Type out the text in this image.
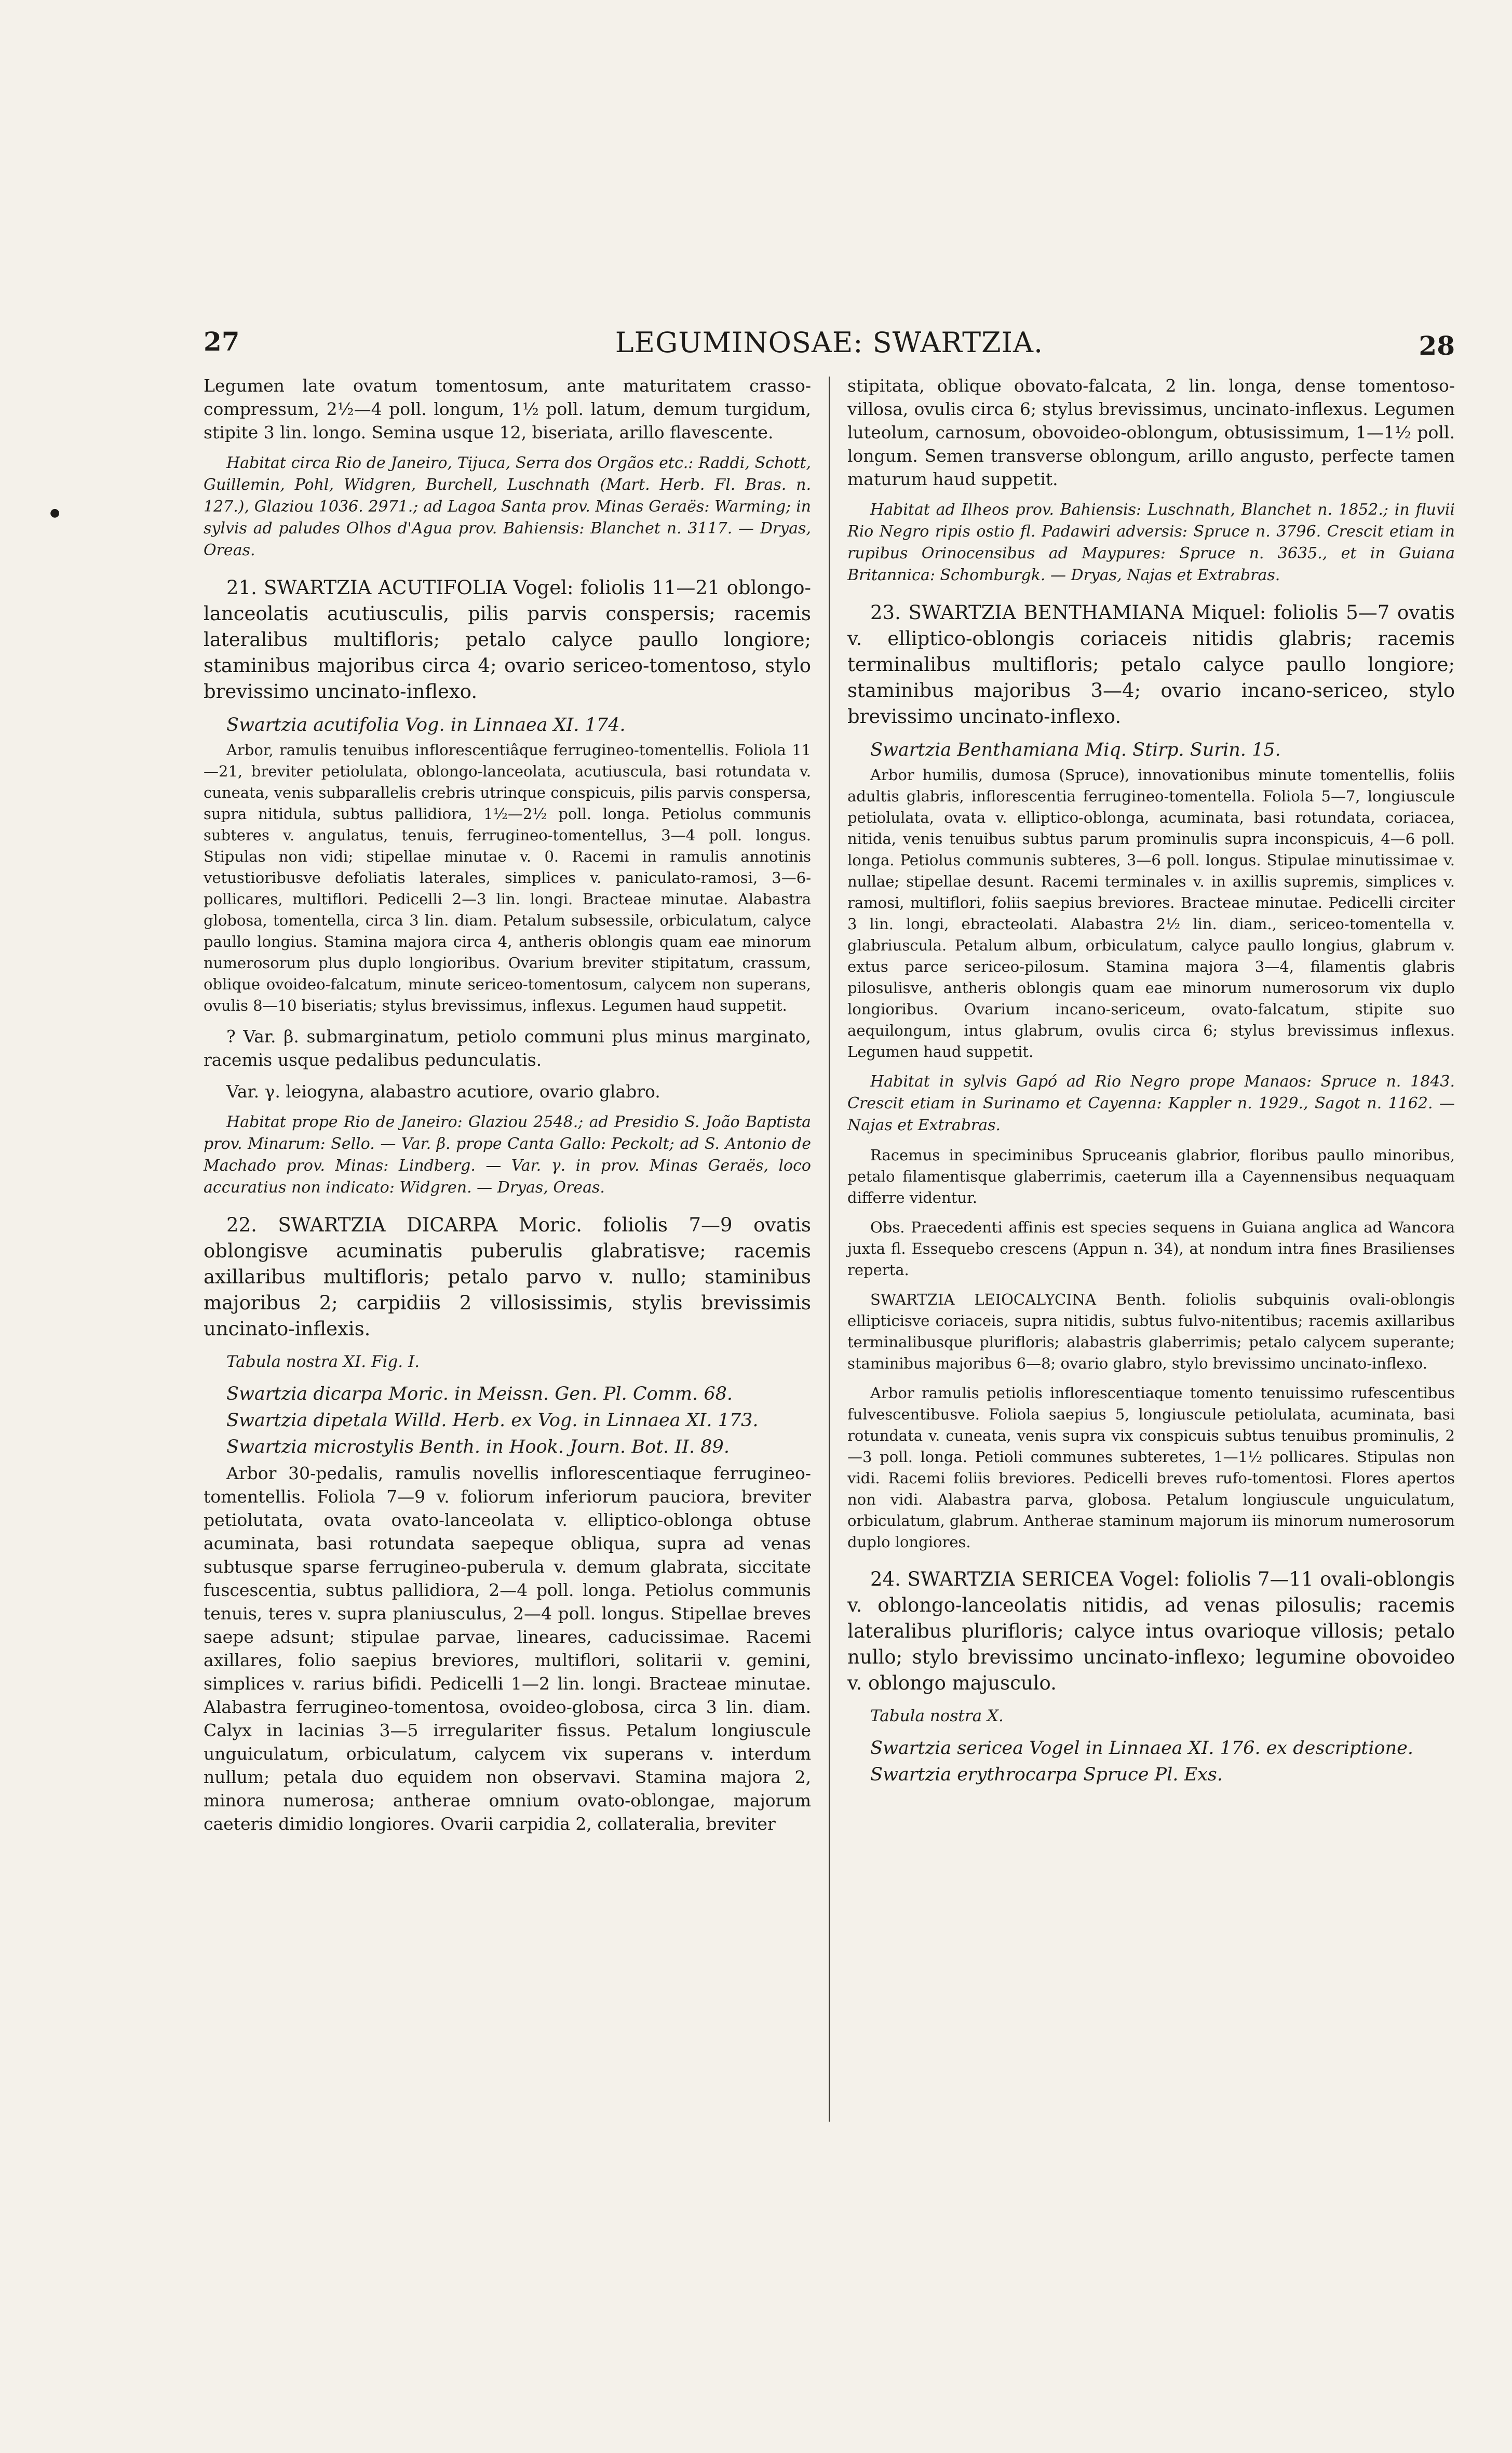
27	LEGUMINOSAE: SWARTZIA.	28
●

Legumen late ovatum tomentosum, ante maturitatem crasso-compressum, 2½—4 poll. longum, 1½ poll. latum, demum turgidum, stipite 3 lin. longo. Semina usque 12, biseriata, arillo flavescente.

Habitat circa Rio de Janeiro, Tijuca, Serra dos Orgãos etc.: Raddi, Schott, Guillemin, Pohl, Widgren, Burchell, Luschnath (Mart. Herb. Fl. Bras. n. 127.), Glaziou 1036. 2971.; ad Lagoa Santa prov. Minas Geraës: Warming; in sylvis ad paludes Olhos d'Agua prov. Bahiensis: Blanchet n. 3117. — Dryas, Oreas.

21. SWARTZIA ACUTIFOLIA Vogel: foliolis 11—21 oblongo-lanceolatis acutiusculis, pilis parvis conspersis; racemis lateralibus multifloris; petalo calyce paullo longiore; staminibus majoribus circa 4; ovario sericeo-tomentoso, stylo brevissimo uncinato-inflexo.

Swartzia acutifolia Vog. in Linnaea XI. 174.

Arbor, ramulis tenuibus inflorescentiâque ferrugineo-tomentellis. Foliola 11—21, breviter petiolulata, oblongo-lanceolata, acutiuscula, basi rotundata v. cuneata, venis subparallelis crebris utrinque conspicuis, pilis parvis conspersa, supra nitidula, subtus pallidiora, 1½—2½ poll. longa. Petiolus communis subteres v. angulatus, tenuis, ferrugineo-tomentellus, 3—4 poll. longus. Stipulas non vidi; stipellae minutae v. 0. Racemi in ramulis annotinis vetustioribusve defoliatis laterales, simplices v. paniculato-ramosi, 3—6-pollicares, multiflori. Pedicelli 2—3 lin. longi. Bracteae minutae. Alabastra globosa, tomentella, circa 3 lin. diam. Petalum subsessile, orbiculatum, calyce paullo longius. Stamina majora circa 4, antheris oblongis quam eae minorum numerosorum plus duplo longioribus. Ovarium breviter stipitatum, crassum, oblique ovoideo-falcatum, minute sericeo-tomentosum, calycem non superans, ovulis 8—10 biseriatis; stylus brevissimus, inflexus. Legumen haud suppetit.

? Var. β. submarginatum, petiolo communi plus minus marginato, racemis usque pedalibus pedunculatis.

Var. γ. leiogyna, alabastro acutiore, ovario glabro.

Habitat prope Rio de Janeiro: Glaziou 2548.; ad Presidio S. João Baptista prov. Minarum: Sello. — Var. β. prope Canta Gallo: Peckolt; ad S. Antonio de Machado prov. Minas: Lindberg. — Var. γ. in prov. Minas Geraës, loco accuratius non indicato: Widgren. — Dryas, Oreas.

22. SWARTZIA DICARPA Moric. foliolis 7—9 ovatis oblongisve acuminatis puberulis glabratisve; racemis axillaribus multifloris; petalo parvo v. nullo; staminibus majoribus 2; carpidiis 2 villosissimis, stylis brevissimis uncinato-inflexis.

Tabula nostra XI. Fig. I.

Swartzia dicarpa Moric. in Meissn. Gen. Pl. Comm. 68.

Swartzia dipetala Willd. Herb. ex Vog. in Linnaea XI. 173.

Swartzia microstylis Benth. in Hook. Journ. Bot. II. 89.

Arbor 30-pedalis, ramulis novellis inflorescentiaque ferrugineo-tomentellis. Foliola 7—9 v. foliorum inferiorum pauciora, breviter petiolutata, ovata ovato-lanceolata v. elliptico-oblonga obtuse acuminata, basi rotundata saepeque obliqua, supra ad venas subtusque sparse ferrugineo-puberula v. demum glabrata, siccitate fuscescentia, subtus pallidiora, 2—4 poll. longa. Petiolus communis tenuis, teres v. supra planiusculus, 2—4 poll. longus. Stipellae breves saepe adsunt; stipulae parvae, lineares, caducissimae. Racemi axillares, folio saepius breviores, multiflori, solitarii v. gemini, simplices v. rarius bifidi. Pedicelli 1—2 lin. longi. Bracteae minutae. Alabastra ferrugineo-tomentosa, ovoideo-globosa, circa 3 lin. diam. Calyx in lacinias 3—5 irregulariter fissus. Petalum longiuscule unguiculatum, orbiculatum, calycem vix superans v. interdum nullum; petala duo equidem non observavi. Stamina majora 2, minora numerosa; antherae omnium ovato-oblongae, majorum caeteris dimidio longiores. Ovarii carpidia 2, collateralia, breviter

stipitata, oblique obovato-falcata, 2 lin. longa, dense tomentoso-villosa, ovulis circa 6; stylus brevissimus, uncinato-inflexus. Legumen luteolum, carnosum, obovoideo-oblongum, obtusissimum, 1—1½ poll. longum. Semen transverse oblongum, arillo angusto, perfecte tamen maturum haud suppetit.

Habitat ad Ilheos prov. Bahiensis: Luschnath, Blanchet n. 1852.; in fluvii Rio Negro ripis ostio fl. Padawiri adversis: Spruce n. 3796. Crescit etiam in rupibus Orinocensibus ad Maypures: Spruce n. 3635., et in Guiana Britannica: Schomburgk. — Dryas, Najas et Extrabras.

23. SWARTZIA BENTHAMIANA Miquel: foliolis 5—7 ovatis v. elliptico-oblongis coriaceis nitidis glabris; racemis terminalibus multifloris; petalo calyce paullo longiore; staminibus majoribus 3—4; ovario incano-sericeo, stylo brevissimo uncinato-inflexo.

Swartzia Benthamiana Miq. Stirp. Surin. 15.

Arbor humilis, dumosa (Spruce), innovationibus minute tomentellis, foliis adultis glabris, inflorescentia ferrugineo-tomentella. Foliola 5—7, longiuscule petiolulata, ovata v. elliptico-oblonga, acuminata, basi rotundata, coriacea, nitida, venis tenuibus subtus parum prominulis supra inconspicuis, 4—6 poll. longa. Petiolus communis subteres, 3—6 poll. longus. Stipulae minutissimae v. nullae; stipellae desunt. Racemi terminales v. in axillis supremis, simplices v. ramosi, multiflori, foliis saepius breviores. Bracteae minutae. Pedicelli circiter 3 lin. longi, ebracteolati. Alabastra 2½ lin. diam., sericeo-tomentella v. glabriuscula. Petalum album, orbiculatum, calyce paullo longius, glabrum v. extus parce sericeo-pilosum. Stamina majora 3—4, filamentis glabris pilosulisve, antheris oblongis quam eae minorum numerosorum vix duplo longioribus. Ovarium incano-sericeum, ovato-falcatum, stipite suo aequilongum, intus glabrum, ovulis circa 6; stylus brevissimus inflexus. Legumen haud suppetit.

Habitat in sylvis Gapó ad Rio Negro prope Manaos: Spruce n. 1843. Crescit etiam in Surinamo et Cayenna: Kappler n. 1929., Sagot n. 1162. — Najas et Extrabras.

Racemus in speciminibus Spruceanis glabrior, floribus paullo minoribus, petalo filamentisque glaberrimis, caeterum illa a Cayennensibus nequaquam differre videntur.

Obs. Praecedenti affinis est species sequens in Guiana anglica ad Wancora juxta fl. Essequebo crescens (Appun n. 34), at nondum intra fines Brasilienses reperta.

SWARTZIA LEIOCALYCINA Benth. foliolis subquinis ovali-oblongis ellipticisve coriaceis, supra nitidis, subtus fulvo-nitentibus; racemis axillaribus terminalibusque plurifloris; alabastris glaberrimis; petalo calycem superante; staminibus majoribus 6—8; ovario glabro, stylo brevissimo uncinato-inflexo.

Arbor ramulis petiolis inflorescentiaque tomento tenuissimo rufescentibus fulvescentibusve. Foliola saepius 5, longiuscule petiolulata, acuminata, basi rotundata v. cuneata, venis supra vix conspicuis subtus tenuibus prominulis, 2—3 poll. longa. Petioli communes subteretes, 1—1½ pollicares. Stipulas non vidi. Racemi foliis breviores. Pedicelli breves rufo-tomentosi. Flores apertos non vidi. Alabastra parva, globosa. Petalum longiuscule unguiculatum, orbiculatum, glabrum. Antherae staminum majorum iis minorum numerosorum duplo longiores.

24. SWARTZIA SERICEA Vogel: foliolis 7—11 ovali-oblongis v. oblongo-lanceolatis nitidis, ad venas pilosulis; racemis lateralibus plurifloris; calyce intus ovarioque villosis; petalo nullo; stylo brevissimo uncinato-inflexo; legumine obovoideo v. oblongo majusculo.

Tabula nostra X.

Swartzia sericea Vogel in Linnaea XI. 176. ex descriptione.

Swartzia erythrocarpa Spruce Pl. Exs.
